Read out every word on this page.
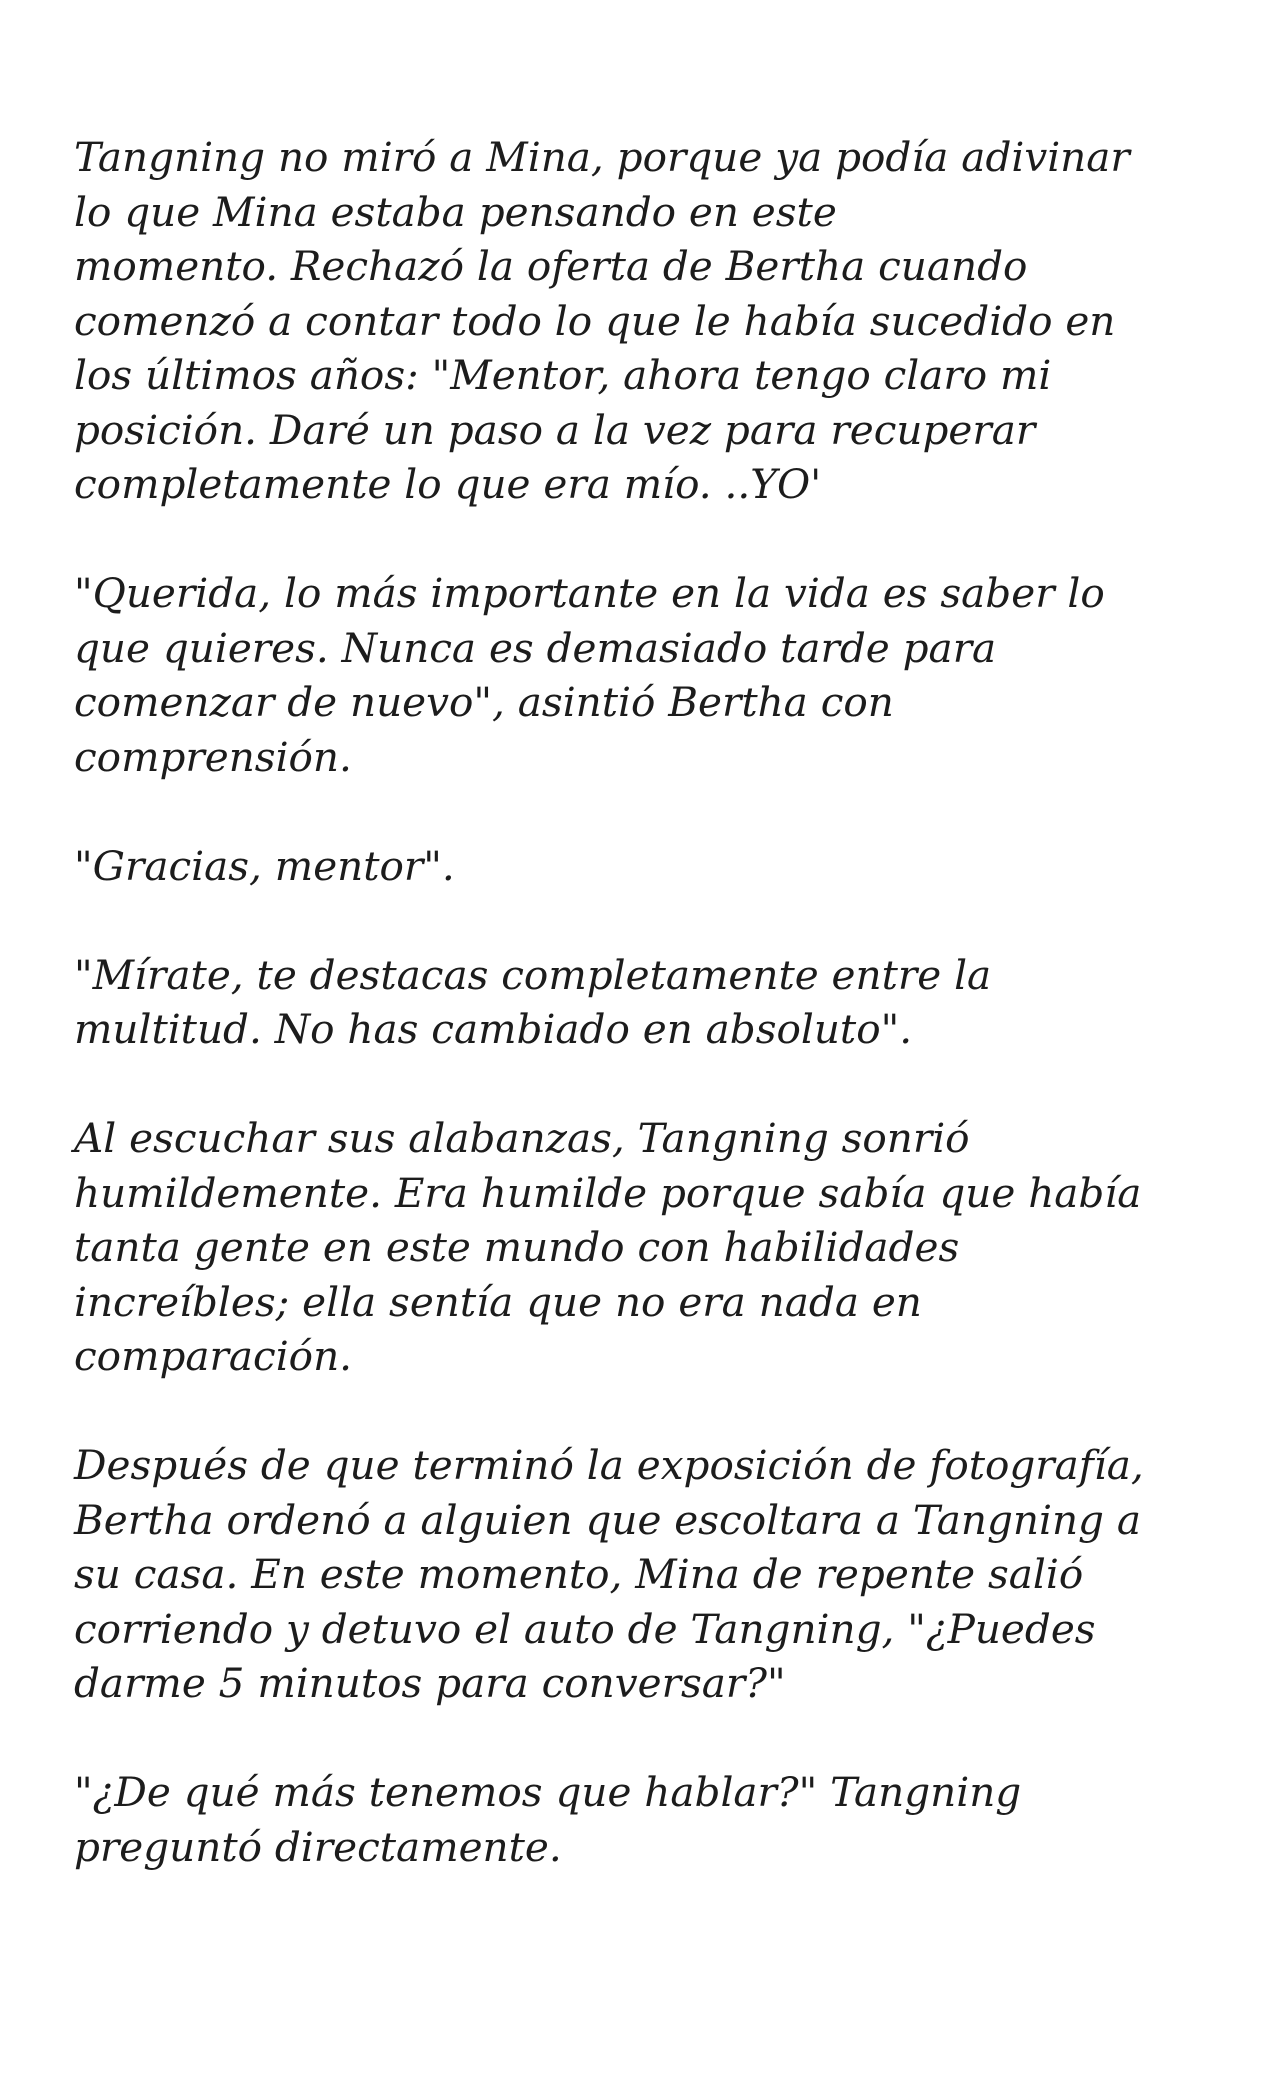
Tangning no miró a Mina, porque ya podía adivinar
lo que Mina estaba pensando en este
momento. Rechazó la oferta de Bertha cuando
comenzó a contar todo lo que le había sucedido en
los últimos años: "Mentor, ahora tengo claro mi
posición. Daré un paso a la vez para recuperar
completamente lo que era mío. ..YO'

"Querida, lo más importante en la vida es saber lo
que quieres. Nunca es demasiado tarde para
comenzar de nuevo", asintió Bertha con
comprensión.

"Gracias, mentor".

"Mírate, te destacas completamente entre la
multitud. No has cambiado en absoluto".

Al escuchar sus alabanzas, Tangning sonrió
humildemente. Era humilde porque sabía que había
tanta gente en este mundo con habilidades
increíbles; ella sentía que no era nada en
comparación.

Después de que terminó la exposición de fotografía,
Bertha ordenó a alguien que escoltara a Tangning a
su casa. En este momento, Mina de repente salió
corriendo y detuvo el auto de Tangning, "¿Puedes
darme 5 minutos para conversar?"

"¿De qué más tenemos que hablar?" Tangning
preguntó directamente.
